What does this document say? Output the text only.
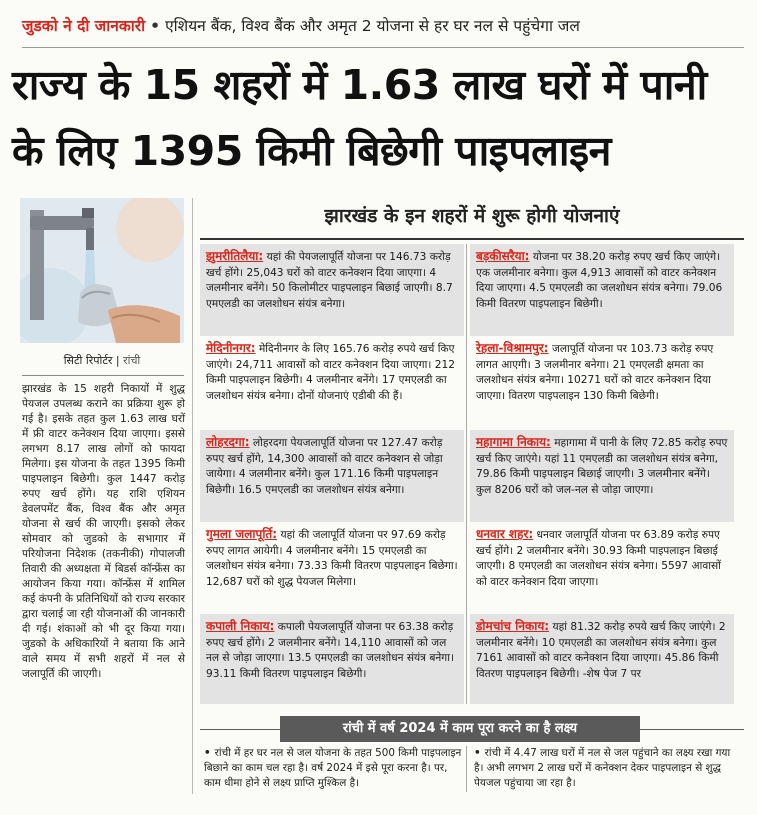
जुडको ने दी जानकारी • एशियन बैंक, विश्व बैंक और अमृत 2 योजना से हर घर नल से पहुंचेगा जल
राज्य के 15 शहरों में 1.63 लाख घरों में पानी
के लिए 1395 किमी बिछेगी पाइपलाइन
सिटी रिपोर्टर | रांची
झारखंड के 15 शहरी निकायों में शुद्ध पेयजल उपलब्ध कराने का प्रक्रिया शुरू हो गई है। इसके तहत कुल 1.63 लाख घरों में फ्री वाटर कनेक्शन दिया जाएगा। इससे लगभग 8.17 लाख लोगों को फायदा मिलेगा। इस योजना के तहत 1395 किमी पाइपलाइन बिछेगी। कुल 1447 करोड़ रुपए खर्च होंगे। यह राशि एशियन डेवलपमेंट बैंक, विश्व बैंक और अमृत योजना से खर्च की जाएगी। इसको लेकर सोमवार को जुडको के सभागार में परियोजना निदेशक (तकनीकी) गोपालजी तिवारी की अध्यक्षता में बिडर्स कॉन्फ्रेंस का आयोजन किया गया। कॉन्फ्रेंस में शामिल कई कंपनी के प्रतिनिधियों को राज्य सरकार द्वारा चलाई जा रही योजनाओं की जानकारी दी गई। शंकाओं को भी दूर किया गया। जुडको के अधिकारियों ने बताया कि आने वाले समय में सभी शहरों में नल से जलापूर्ति की जाएगी।
झारखंड के इन शहरों में शुरू होगी योजनाएं
झुमरीतिलैया: यहां की पेयजलापूर्ति योजना पर 146.73 करोड़ खर्च होंगे। 25,043 घरों को वाटर कनेक्शन दिया जाएगा। 4 जलमीनार बनेंगे। 50 किलोमीटर पाइपलाइन बिछाई जाएगी। 8.7 एमएलडी का जलशोधन संयंत्र बनेगा।
मेदिनीनगर: मेदिनीनगर के लिए 165.76 करोड़ रुपये खर्च किए जाएंगे। 24,711 आवासों को वाटर कनेक्शन दिया जाएगा। 212 किमी पाइपलाइन बिछेगी। 4 जलमीनार बनेंगे। 17 एमएलडी का जलशोधन संयंत्र बनेगा। दोनों योजनाएं एडीबी की हैं।
लोहरदगा: लोहरदगा पेयजलापूर्ति योजना पर 127.47 करोड़ रुपए खर्च होंगे, 14,300 आवासों को वाटर कनेक्शन से जोड़ा जायेगा। 4 जलमीनार बनेंगे। कुल 171.16 किमी पाइपलाइन बिछेगी। 16.5 एमएलडी का जलशोधन संयंत्र बनेगा।
गुमला जलापूर्ति: यहां की जलापूर्ति योजना पर 97.69 करोड़ रुपए लागत आयेगी। 4 जलमीनार बनेंगे। 15 एमएलडी का जलशोधन संयंत्र बनेगा। 73.33 किमी वितरण पाइपलाइन बिछेगा। 12,687 घरों को शुद्ध पेयजल मिलेगा।
कपाली निकाय: कपाली पेयजलापूर्ति योजना पर 63.38 करोड़ रुपए खर्च होंगे। 2 जलमीनार बनेंगे। 14,110 आवासों को जल नल से जोड़ा जाएगा। 13.5 एमएलडी का जलशोधन संयंत्र बनेगा। 93.11 किमी वितरण पाइपलाइन बिछेगी।
बड़कीसरैया: योजना पर 38.20 करोड़ रुपए खर्च किए जाएंगे। एक जलमीनार बनेगा। कुल 4,913 आवासों को वाटर कनेक्शन दिया जाएगा। 4.5 एमएलडी का जलशोधन संयंत्र बनेगा। 79.06 किमी वितरण पाइपलाइन बिछेगी।
रेहला-विश्रामपुर: जलापूर्ति योजना पर 103.73 करोड़ रुपए लागत आएगी। 3 जलमीनार बनेगा। 21 एमएलडी क्षमता का जलशोधन संयंत्र बनेगा। 10271 घरों को वाटर कनेक्शन दिया जाएगा। वितरण पाइपलाइन 130 किमी बिछेगी।
महागामा निकाय: महागामा में पानी के लिए 72.85 करोड़ रुपए खर्च किए जाएंगे। यहां 11 एमएलडी का जलशोधन संयंत्र बनेगा, 79.86 किमी पाइपलाइन बिछाई जाएगी। 3 जलमीनार बनेंगे। कुल 8206 घरों को जल-नल से जोड़ा जाएगा।
धनवार शहर: धनवार जलापूर्ति योजना पर 63.89 करोड़ रुपए खर्च होंगे। 2 जलमीनार बनेंगे। 30.93 किमी पाइपलाइन बिछाई जाएगी। 8 एमएलडी का जलशोधन संयंत्र बनेगा। 5597 आवासों को वाटर कनेक्शन दिया जाएगा।
डोमचांच निकाय: यहां 81.32 करोड़ रुपये खर्च किए जाएंगे। 2 जलमीनार बनेंगे। 10 एमएलडी का जलशोधन संयंत्र बनेगा। कुल 7161 आवासों को वाटर कनेक्शन दिया जाएगा। 45.86 किमी वितरण पाइपलाइन बिछेगी। -शेष पेज 7 पर
रांची में वर्ष 2024 में काम पूरा करने का है लक्ष्य
• रांची में हर घर नल से जल योजना के तहत 500 किमी पाइपलाइन बिछाने का काम चल रहा है। वर्ष 2024 में इसे पूरा करना है। पर, काम धीमा होने से लक्ष्य प्राप्ति मुश्किल है।
• रांची में 4.47 लाख घरों में नल से जल पहुंचाने का लक्ष्य रखा गया है। अभी लगभग 2 लाख घरों में कनेक्शन देकर पाइपलाइन से शुद्ध पेयजल पहुंचाया जा रहा है।
